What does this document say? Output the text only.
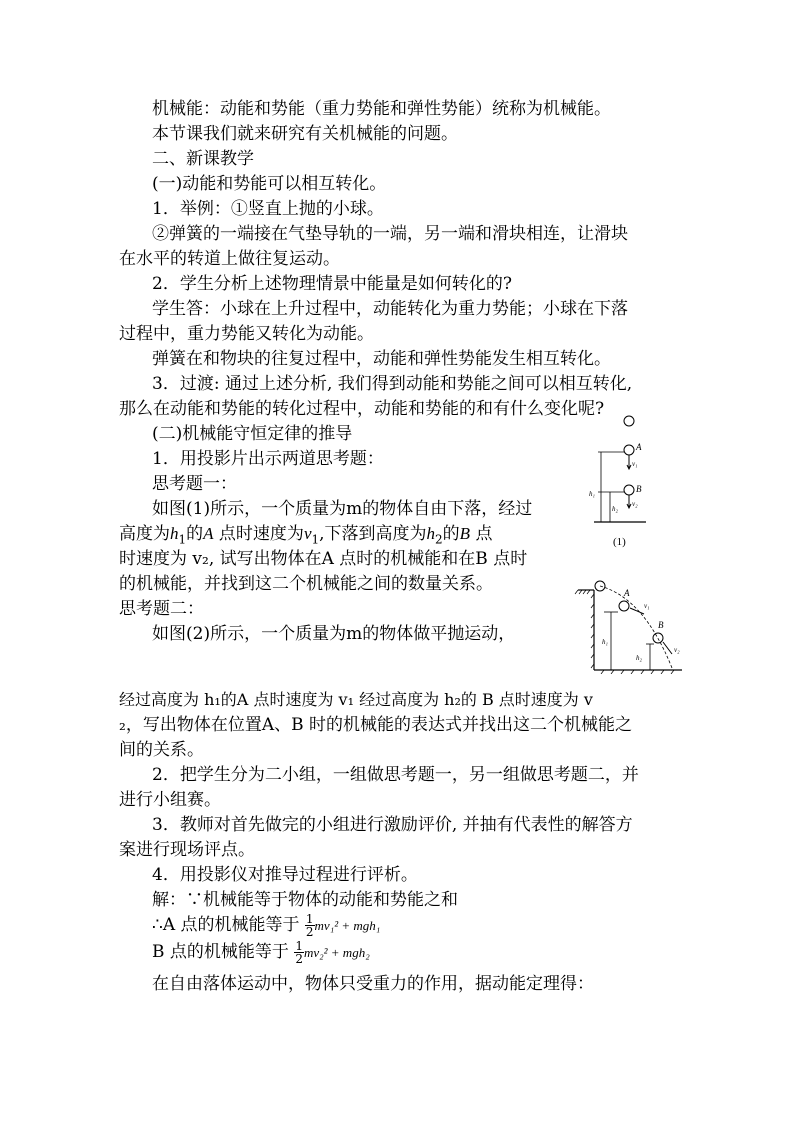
机械能：动能和势能（重力势能和弹性势能）统称为机械能。
本节课我们就来研究有关机械能的问题。
二、新课教学
(一)动能和势能可以相互转化。
1．举例：①竖直上抛的小球。
②弹簧的一端接在气垫导轨的一端，另一端和滑块相连，让滑块
在水平的转道上做往复运动。
2．学生分析上述物理情景中能量是如何转化的?
学生答：小球在上升过程中，动能转化为重力势能；小球在下落
过程中，重力势能又转化为动能。
弹簧在和物块的往复过程中，动能和弹性势能发生相互转化。
3．过渡: 通过上述分析, 我们得到动能和势能之间可以相互转化,
那么在动能和势能的转化过程中，动能和势能的和有什么变化呢?
(二)机械能守恒定律的推导
1．用投影片出示两道思考题：
思考题一：
如图(1)所示，一个质量为m的物体自由下落，经过
高度为$h_1$的A 点时速度为$v_1$,下落到高度为$h_2$的B 点
时速度为 v₂, 试写出物体在A 点时的机械能和在B 点时
的机械能，并找到这二个机械能之间的数量关系。
思考题二：
如图(2)所示，一个质量为m的物体做平抛运动，
经过高度为 h₁的A 点时速度为 v₁ 经过高度为 h₂的 B 点时速度为 v
₂，写出物体在位置A、B 时的机械能的表达式并找出这二个机械能之
间的关系。
2．把学生分为二小组，一组做思考题一，另一组做思考题二，并
进行小组赛。
3．教师对首先做完的小组进行激励评价, 并抽有代表性的解答方
案进行现场评点。
4．用投影仪对推导过程进行评析。
解：∵机械能等于物体的动能和势能之和
∴A 点的机械能等于 $\frac{1}{2} mv_1^2 + mgh_1$
B 点的机械能等于 $\frac{1}{2} mv_2^2 + mgh_2$
在自由落体运动中，物体只受重力的作用，据动能定理得：
A
B
v₁
v₂
h₁
h₂
(1)
A
B
v₁
v₂
h₁
h₂
